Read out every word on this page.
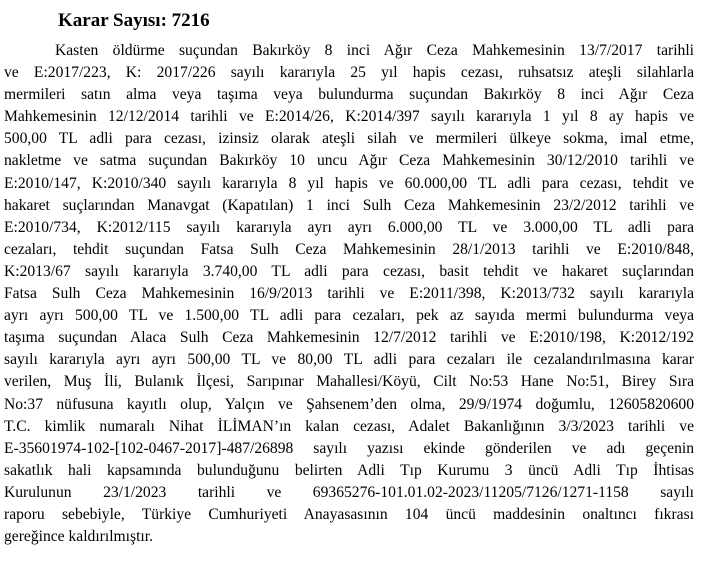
Karar Sayısı: 7216
Kasten öldürme suçundan Bakırköy 8 inci Ağır Ceza Mahkemesinin 13/7/2017 tarihli
ve E:2017/223, K: 2017/226 sayılı kararıyla 25 yıl hapis cezası, ruhsatsız ateşli silahlarla
mermileri satın alma veya taşıma veya bulundurma suçundan Bakırköy 8 inci Ağır Ceza
Mahkemesinin 12/12/2014 tarihli ve E:2014/26, K:2014/397 sayılı kararıyla 1 yıl 8 ay hapis ve
500,00 TL adli para cezası, izinsiz olarak ateşli silah ve mermileri ülkeye sokma, imal etme,
nakletme ve satma suçundan Bakırköy 10 uncu Ağır Ceza Mahkemesinin 30/12/2010 tarihli ve
E:2010/147, K:2010/340 sayılı kararıyla 8 yıl hapis ve 60.000,00 TL adli para cezası, tehdit ve
hakaret suçlarından Manavgat (Kapatılan) 1 inci Sulh Ceza Mahkemesinin 23/2/2012 tarihli ve
E:2010/734, K:2012/115 sayılı kararıyla ayrı ayrı 6.000,00 TL ve 3.000,00 TL adli para
cezaları, tehdit suçundan Fatsa Sulh Ceza Mahkemesinin 28/1/2013 tarihli ve E:2010/848,
K:2013/67 sayılı kararıyla 3.740,00 TL adli para cezası, basit tehdit ve hakaret suçlarından
Fatsa Sulh Ceza Mahkemesinin 16/9/2013 tarihli ve E:2011/398, K:2013/732 sayılı kararıyla
ayrı ayrı 500,00 TL ve 1.500,00 TL adli para cezaları, pek az sayıda mermi bulundurma veya
taşıma suçundan Alaca Sulh Ceza Mahkemesinin 12/7/2012 tarihli ve E:2010/198, K:2012/192
sayılı kararıyla ayrı ayrı 500,00 TL ve 80,00 TL adli para cezaları ile cezalandırılmasına karar
verilen, Muş İli, Bulanık İlçesi, Sarıpınar Mahallesi/Köyü, Cilt No:53 Hane No:51, Birey Sıra
No:37 nüfusuna kayıtlı olup, Yalçın ve Şahsenem’den olma, 29/9/1974 doğumlu, 12605820600
T.C. kimlik numaralı Nihat İLİMAN’ın kalan cezası, Adalet Bakanlığının 3/3/2023 tarihli ve
E-35601974-102-[102-0467-2017]-487/26898 sayılı yazısı ekinde gönderilen ve adı geçenin
sakatlık hali kapsamında bulunduğunu belirten Adli Tıp Kurumu 3 üncü Adli Tıp İhtisas
Kurulunun 23/1/2023 tarihli ve 69365276-101.01.02-2023/11205/7126/1271-1158 sayılı
raporu sebebiyle, Türkiye Cumhuriyeti Anayasasının 104 üncü maddesinin onaltıncı fıkrası
gereğince kaldırılmıştır.
